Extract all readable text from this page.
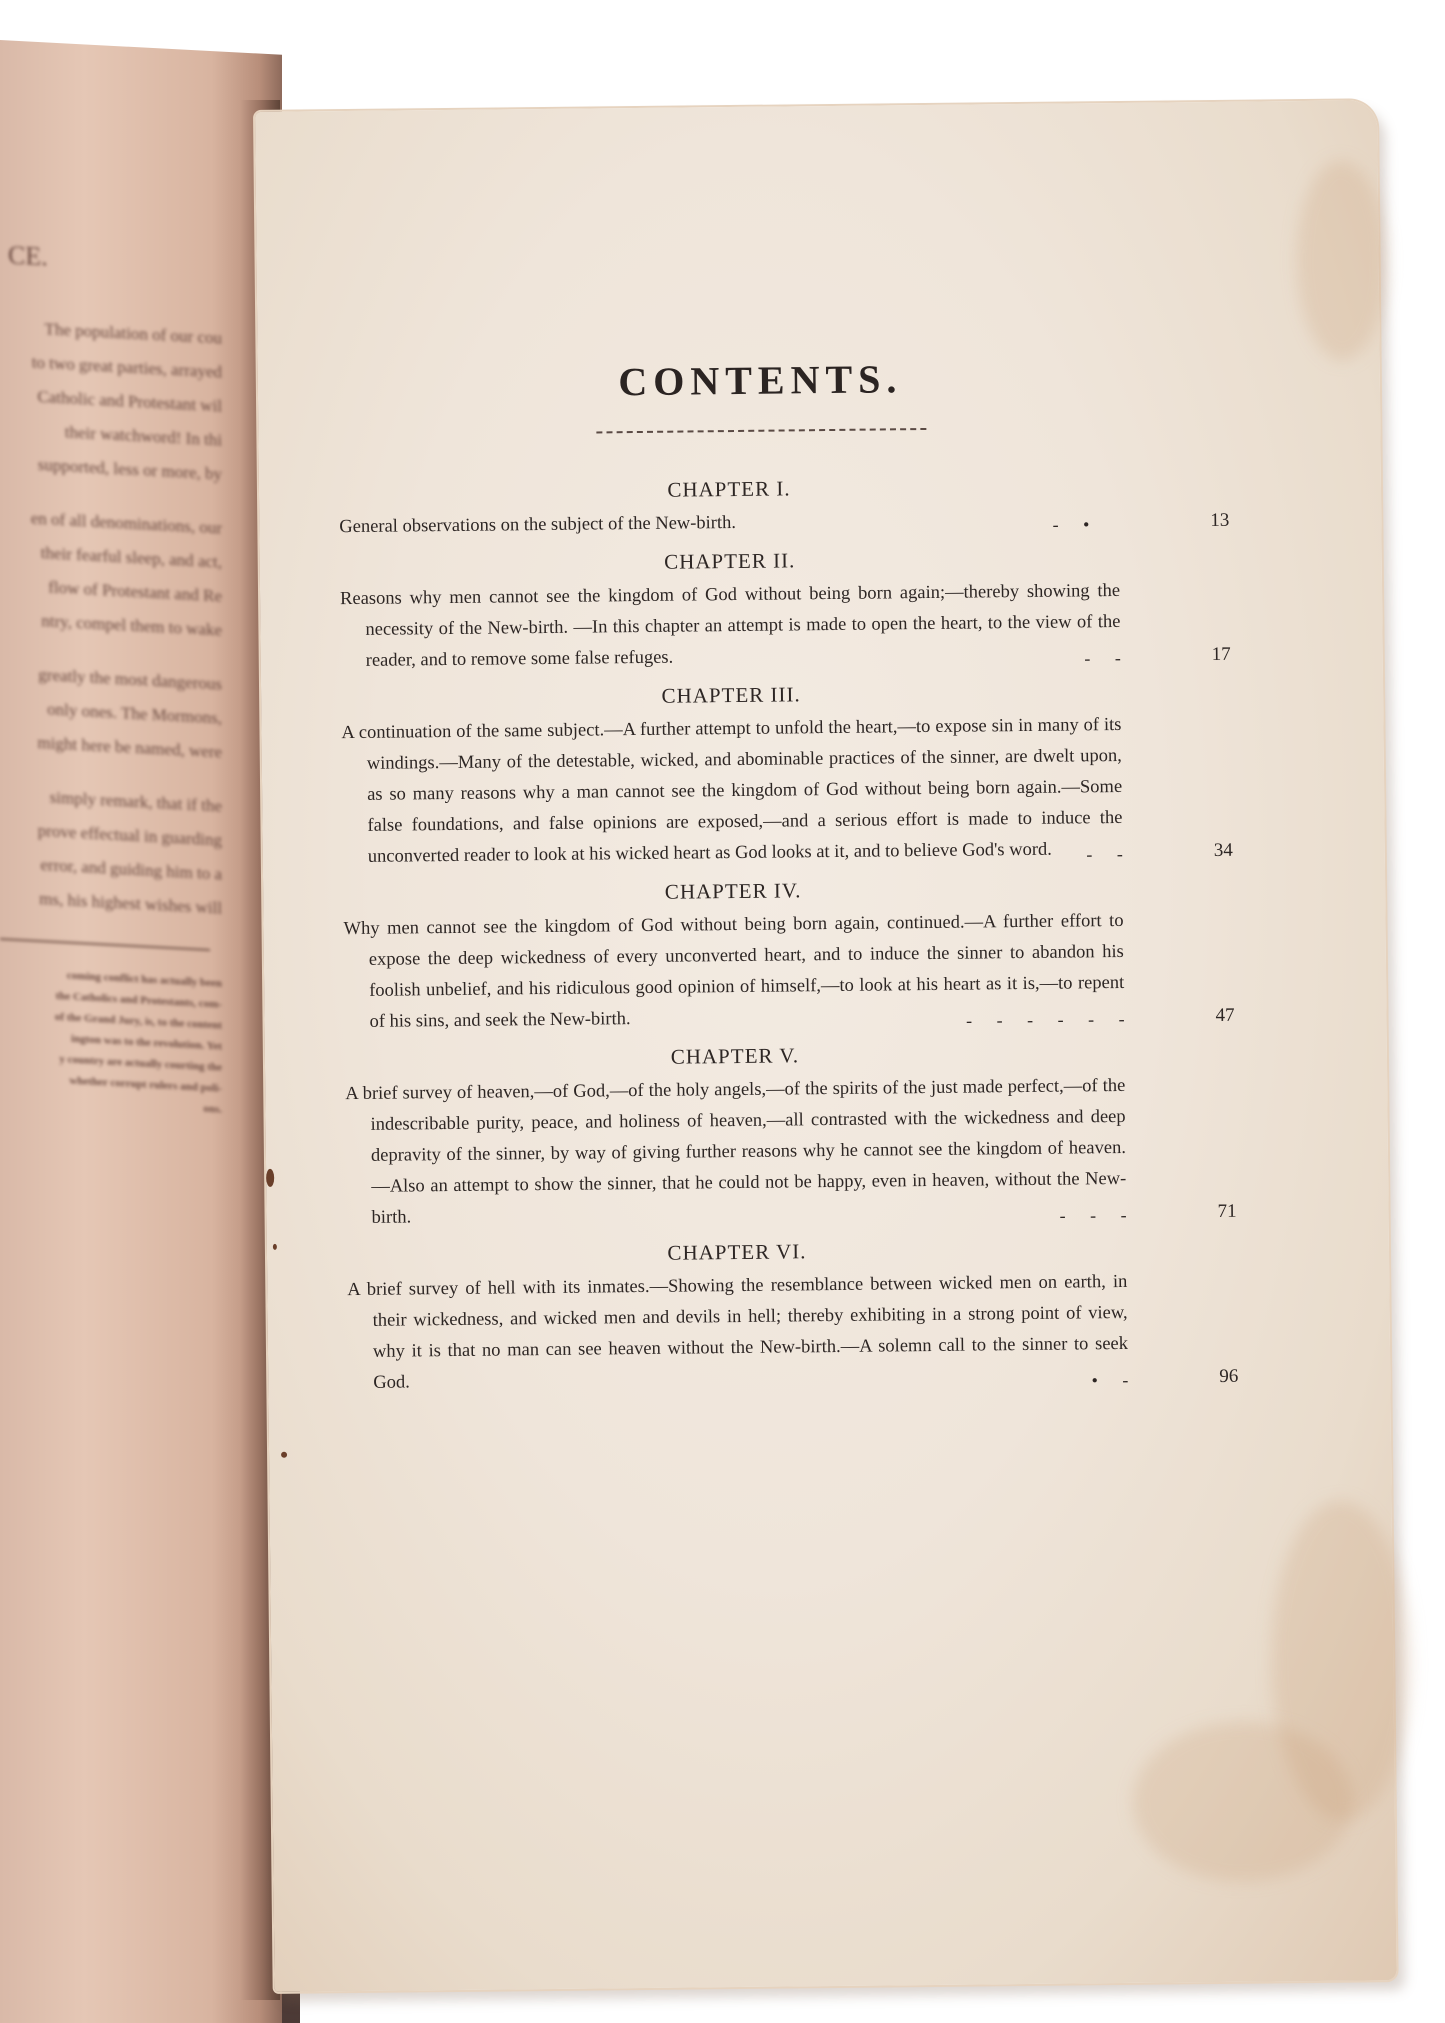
CE.
The population of our cou
to two great parties, arrayed
Catholic and Protestant wil
their watchword! In thi
supported, less or more, by
en of all denominations, our
their fearful sleep, and act,
flow of Protestant and Re
ntry, compel them to wake
greatly the most dangerous
only ones. The Mormons,
might here be named, were
simply remark, that if the
prove effectual in guarding
error, and guiding him to a
ms, his highest wishes will
coming conflict has actually been
the Catholics and Protestants, com-
of the Grand Jury, is, to the content
ington was to the revolution. Yet
y country are actually courting the
whether corrupt rulers and poli-
ons.
CONTENTS.
CHAPTER I.
General observations on the subject of the New-birth.	- •	13
CHAPTER II.
Reasons why men cannot see the kingdom of God without being born again;—thereby showing the necessity of the New-birth. —In this chapter an attempt is made to open the heart, to the view of the reader, and to remove some false refuges.	- -	17
CHAPTER III.
A continuation of the same subject.—A further attempt to unfold the heart,—to expose sin in many of its windings.—Many of the detestable, wicked, and abominable practices of the sinner, are dwelt upon, as so many reasons why a man cannot see the kingdom of God without being born again.—Some false foundations, and false opinions are exposed,—and a serious effort is made to induce the unconverted reader to look at his wicked heart as God looks at it, and to believe God's word.	- -	34
CHAPTER IV.
Why men cannot see the kingdom of God without being born again, continued.—A further effort to expose the deep wickedness of every unconverted heart, and to induce the sinner to abandon his foolish unbelief, and his ridiculous good opinion of himself,—to look at his heart as it is,—to repent of his sins, and seek the New-birth.	- - - - - -	47
CHAPTER V.
A brief survey of heaven,—of God,—of the holy angels,—of the spirits of the just made perfect,—of the indescribable purity, peace, and holiness of heaven,—all contrasted with the wickedness and deep depravity of the sinner, by way of giving further reasons why he cannot see the kingdom of heaven. —Also an attempt to show the sinner, that he could not be happy, even in heaven, without the New-birth.	- - -	71
CHAPTER VI.
A brief survey of hell with its inmates.—Showing the resemblance between wicked men on earth, in their wickedness, and wicked men and devils in hell; thereby exhibiting in a strong point of view, why it is that no man can see heaven without the New-birth.—A solemn call to the sinner to seek God.	• -	96
